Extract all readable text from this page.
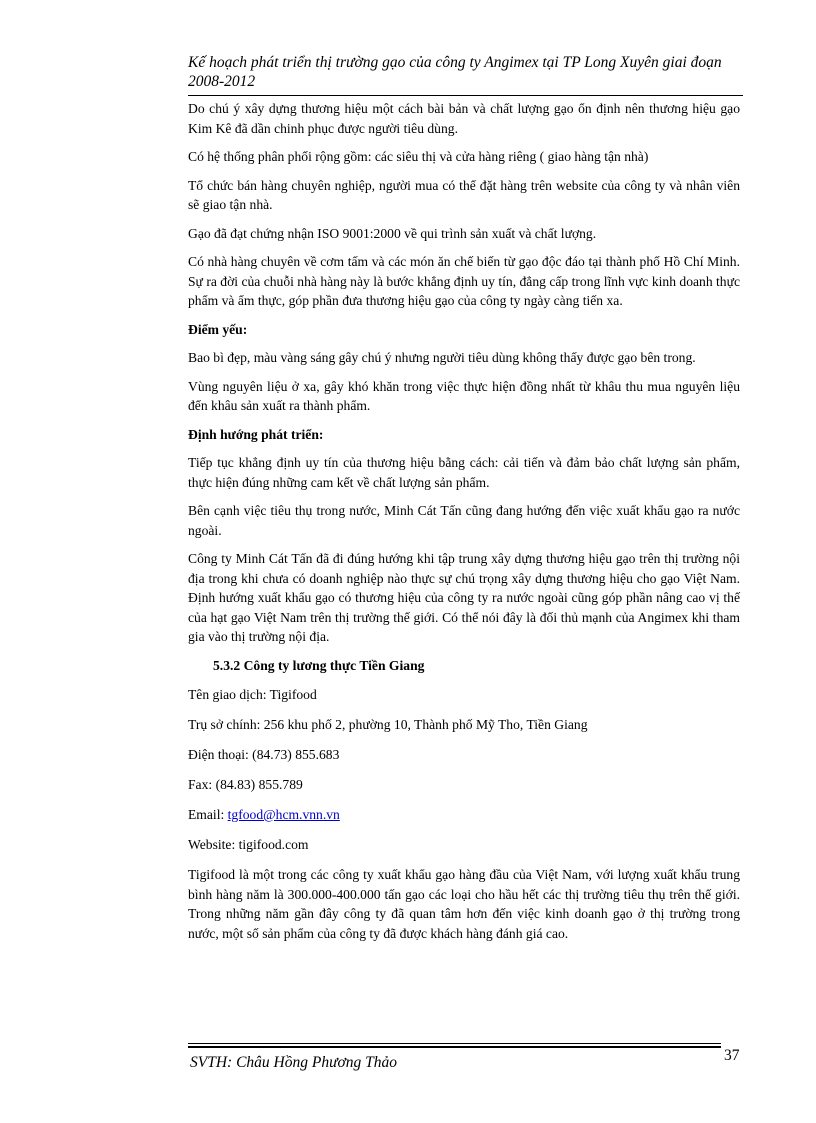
Kế hoạch phát triển thị trường gạo của công ty Angimex tại TP Long Xuyên giai đoạn 2008-2012

Do chú ý xây dựng thương hiệu một cách bài bản và chất lượng gạo ổn định nên thương hiệu gạo Kim Kê đã dần chinh phục được người tiêu dùng.

Có hệ thống phân phối rộng gồm: các siêu thị và cửa hàng riêng ( giao hàng tận nhà)

Tổ chức bán hàng chuyên nghiệp, người mua có thể đặt hàng trên website của công ty và nhân viên sẽ giao tận nhà.

Gạo đã đạt chứng nhận ISO 9001:2000 về qui trình sản xuất và chất lượng.

Có nhà hàng chuyên về cơm tấm và các món ăn chế biến từ gạo độc đáo tại thành phố Hồ Chí Minh. Sự ra đời của chuỗi nhà hàng này là bước khẳng định uy tín, đẳng cấp trong lĩnh vực kinh doanh thực phẩm và ẩm thực, góp phần đưa thương hiệu gạo của công ty ngày càng tiến xa.

Điểm yếu:

Bao bì đẹp, màu vàng sáng gây chú ý nhưng người tiêu dùng không thấy được gạo bên trong.

Vùng nguyên liệu ở xa, gây khó khăn trong việc thực hiện đồng nhất từ khâu thu mua nguyên liệu đến khâu sản xuất ra thành phẩm.

Định hướng phát triển:

Tiếp tục khẳng định uy tín của thương hiệu bằng cách: cải tiến và đảm bảo chất lượng sản phẩm, thực hiện đúng những cam kết về chất lượng sản phẩm.

Bên cạnh việc tiêu thụ trong nước, Minh Cát Tấn cũng đang hướng đến việc xuất khẩu gạo ra nước ngoài.

Công ty Minh Cát Tấn đã đi đúng hướng khi tập trung xây dựng thương hiệu gạo trên thị trường nội địa trong khi chưa có doanh nghiệp nào thực sự chú trọng xây dựng thương hiệu cho gạo Việt Nam. Định hướng xuất khẩu gạo có thương hiệu của công ty ra nước ngoài cũng góp phần nâng cao vị thế của hạt gạo Việt Nam trên thị trường thế giới. Có thể nói đây là đối thủ mạnh của Angimex khi tham gia vào thị trường nội địa.

5.3.2 Công ty lương thực Tiền Giang

Tên giao dịch: Tigifood

Trụ sở chính: 256 khu phố 2, phường 10, Thành phố Mỹ Tho, Tiền Giang

Điện thoại: (84.73) 855.683

Fax: (84.83) 855.789

Email: tgfood@hcm.vnn.vn

Website: tigifood.com

Tigifood là một trong các công ty xuất khẩu gạo hàng đầu của Việt Nam, với lượng xuất khẩu trung bình hàng năm là 300.000-400.000 tấn gạo các loại cho hầu hết các thị trường tiêu thụ trên thế giới. Trong những năm gần đây công ty đã quan tâm hơn đến việc kinh doanh gạo ở thị trường trong nước, một số sản phẩm của công ty đã được khách hàng đánh giá cao.

SVTH: Châu Hồng Phương Thảo	37
